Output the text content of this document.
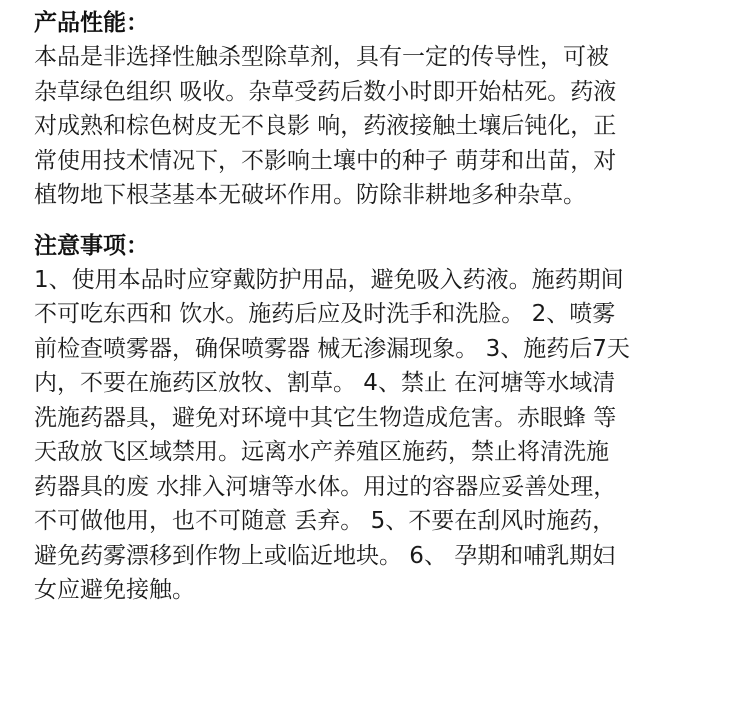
产品性能：

本品是非选择性触杀型除草剂，具有一定的传导性，可被
杂草绿色组织 吸收。杂草受药后数小时即开始枯死。药液
对成熟和棕色树皮无不良影 响，药液接触土壤后钝化，正
常使用技术情况下，不影响土壤中的种子 萌芽和出苗，对
植物地下根茎基本无破坏作用。防除非耕地多种杂草。

注意事项：

1、使用本品时应穿戴防护用品，避免吸入药液。施药期间
不可吃东西和 饮水。施药后应及时洗手和洗脸。 2、喷雾
前检查喷雾器，确保喷雾器 械无渗漏现象。 3、施药后7天
内，不要在施药区放牧、割草。 4、禁止 在河塘等水域清
洗施药器具，避免对环境中其它生物造成危害。赤眼蜂 等
天敌放飞区域禁用。远离水产养殖区施药，禁止将清洗施
药器具的废 水排入河塘等水体。用过的容器应妥善处理，
不可做他用，也不可随意 丢弃。 5、不要在刮风时施药，
避免药雾漂移到作物上或临近地块。 6、 孕期和哺乳期妇
女应避免接触。
